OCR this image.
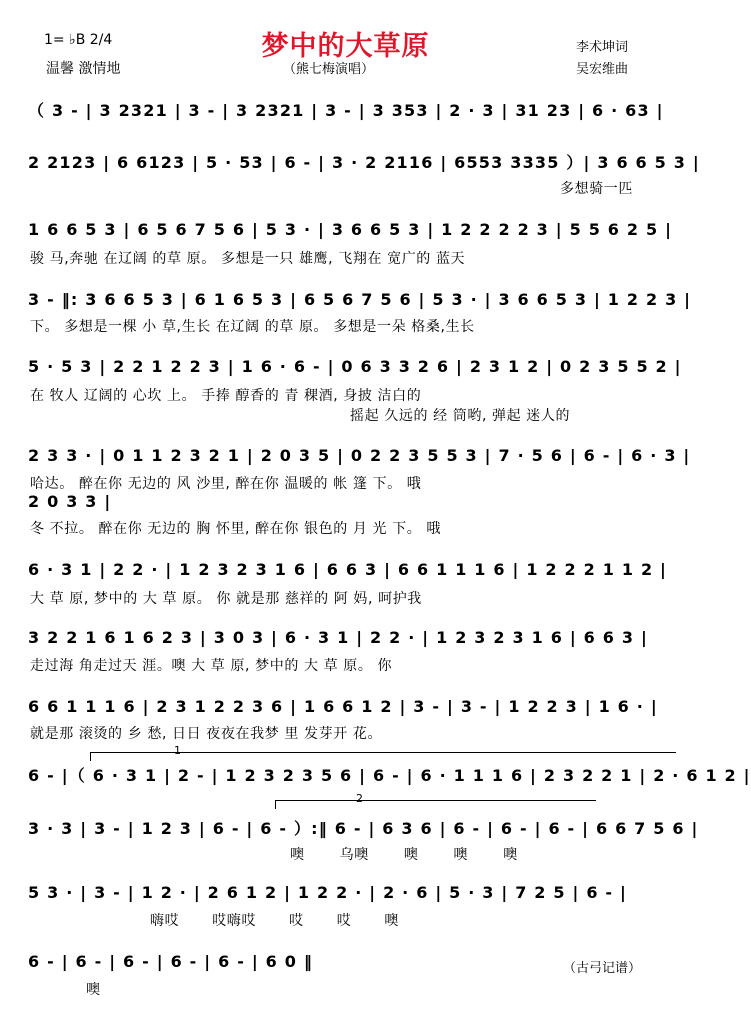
梦中的大草原
1= ♭B 2/4
温馨 激情地	（熊七梅演唱）
李术坤词
吴宏维曲
（ 3 - | 3 2321 | 3 - | 3 2321 | 3 - | 3 353 | 2 · 3 | 31 23 | 6 · 63 |
2 2123 | 6 6123 | 5 · 53 | 6 - | 3 · 2 2116 | 6553 3335 ）| 3 6 6 5 3 |
多想骑一匹
1 6 6 5 3 | 6 5 6 7 5 6 | 5 3 · | 3 6 6 5 3 | 1 2 2 2 2 3 | 5 5 6 2 5 |
骏 马,奔驰 在辽阔 的草 原。 多想是一只 雄鹰, 飞翔在 宽广的 蓝天
3 - ‖: 3 6 6 5 3 | 6 1 6 5 3 | 6 5 6 7 5 6 | 5 3 · | 3 6 6 5 3 | 1 2 2 3 |
下。 多想是一棵 小 草,生长 在辽阔 的草 原。 多想是一朵 格桑,生长
5 · 5 3 | 2 2 1 2 2 3 | 1 6 · 6 - | 0 6 3 3 2 6 | 2 3 1 2 | 0 2 3 5 5 2 |
在 牧人 辽阔的 心坎 上。 手捧 醇香的 青 稞酒, 身披 洁白的
摇起 久远的 经 筒哟, 弹起 迷人的
2 3 3 · | 0 1 1 2 3 2 1 | 2 0 3 5 | 0 2 2 3 5 5 3 | 7 · 5 6 | 6 - | 6 · 3 |
哈达。 醉在你 无边的 风 沙里, 醉在你 温暖的 帐 篷 下。 哦
2 0 3 3 |
冬 不拉。 醉在你 无边的 胸 怀里, 醉在你 银色的 月 光 下。 哦
6 · 3 1 | 2 2 · | 1 2 3 2 3 1 6 | 6 6 3 | 6 6 1 1 1 6 | 1 2 2 2 1 1 2 |
大 草 原, 梦中的 大 草 原。 你 就是那 慈祥的 阿 妈, 呵护我
3 2 2 1 6 1 6 2 3 | 3 0 3 | 6 · 3 1 | 2 2 · | 1 2 3 2 3 1 6 | 6 6 3 |
走过海 角走过天 涯。噢 大 草 原, 梦中的 大 草 原。 你
6 6 1 1 1 6 | 2 3 1 2 2 3 6 | 1 6 6 1 2 | 3 - | 3 - | 1 2 2 3 | 1 6 · |
就是那 滚烫的 乡 愁, 日日 夜夜在我梦 里 发芽开 花。
1
6 - |（ 6 · 3 1 | 2 - | 1 2 3 2 3 5 6 | 6 - | 6 · 1 1 1 6 | 2 3 2 2 1 | 2 · 6 1 2 |
2
3 · 3 | 3 - | 1 2 3 | 6 - | 6 - ）:‖ 6 - | 6 3 6 | 6 - | 6 - | 6 - | 6 6 7 5 6 |
噢 乌噢 噢 噢 噢
5 3 · | 3 - | 1 2 · | 2 6 1 2 | 1 2 2 · | 2 · 6 | 5 · 3 | 7 2 5 | 6 - |
嗨哎 哎嗨哎 哎 哎 噢
6 - | 6 - | 6 - | 6 - | 6 - | 6 0 ‖
噢
（古弓记谱）
